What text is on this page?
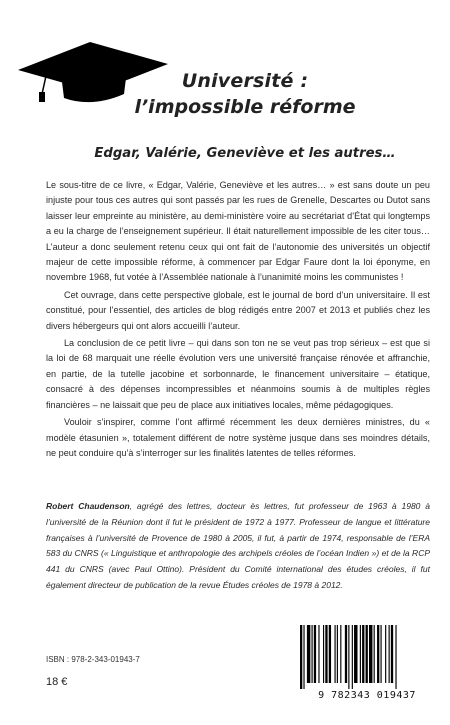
Université :
l’impossible réforme
Edgar, Valérie, Geneviève et les autres…

Le sous-titre de ce livre, « Edgar, Valérie, Geneviève et les autres… » est sans doute un peu injuste pour tous ces autres qui sont passés par les rues de Grenelle, Descartes ou Dutot sans laisser leur empreinte au ministère, au demi-ministère voire au secrétariat d’État qui longtemps a eu la charge de l’enseignement supérieur. Il était naturellement impossible de les citer tous… L’auteur a donc seulement retenu ceux qui ont fait de l’autonomie des universités un objectif majeur de cette impossible réforme, à commencer par Edgar Faure dont la loi éponyme, en novembre 1968, fut votée à l’Assemblée nationale à l’unanimité moins les communistes !

Cet ouvrage, dans cette perspective globale, est le journal de bord d’un universitaire. Il est constitué, pour l’essentiel, des articles de blog rédigés entre 2007 et 2013 et publiés chez les divers hébergeurs qui ont alors accueilli l’auteur.

La conclusion de ce petit livre – qui dans son ton ne se veut pas trop sérieux – est que si la loi de 68 marquait une réelle évolution vers une université française rénovée et affranchie, en partie, de la tutelle jacobine et sorbonnarde, le financement universitaire – étatique, consacré à des dépenses incompressibles et néanmoins soumis à de multiples règles financières – ne laissait que peu de place aux initiatives locales, même pédagogiques.

Vouloir s’inspirer, comme l’ont affirmé récemment les deux dernières ministres, du « modèle étasunien », totalement différent de notre système jusque dans ses moindres détails, ne peut conduire qu’à s’interroger sur les finalités latentes de telles réformes.

Robert Chaudenson, agrégé des lettres, docteur ès lettres, fut professeur de 1963 à 1980 à l’université de la Réunion dont il fut le président de 1972 à 1977. Professeur de langue et littérature françaises à l’université de Provence de 1980 à 2005, il fut, à partir de 1974, responsable de l’ERA 583 du CNRS (« Linguistique et anthropologie des archipels créoles de l’océan Indien ») et de la RCP 441 du CNRS (avec Paul Ottino). Président du Comité international des études créoles, il fut également directeur de publication de la revue Études créoles de 1978 à 2012.
ISBN : 978-2-343-01943-7
18 €
9 782343 019437
